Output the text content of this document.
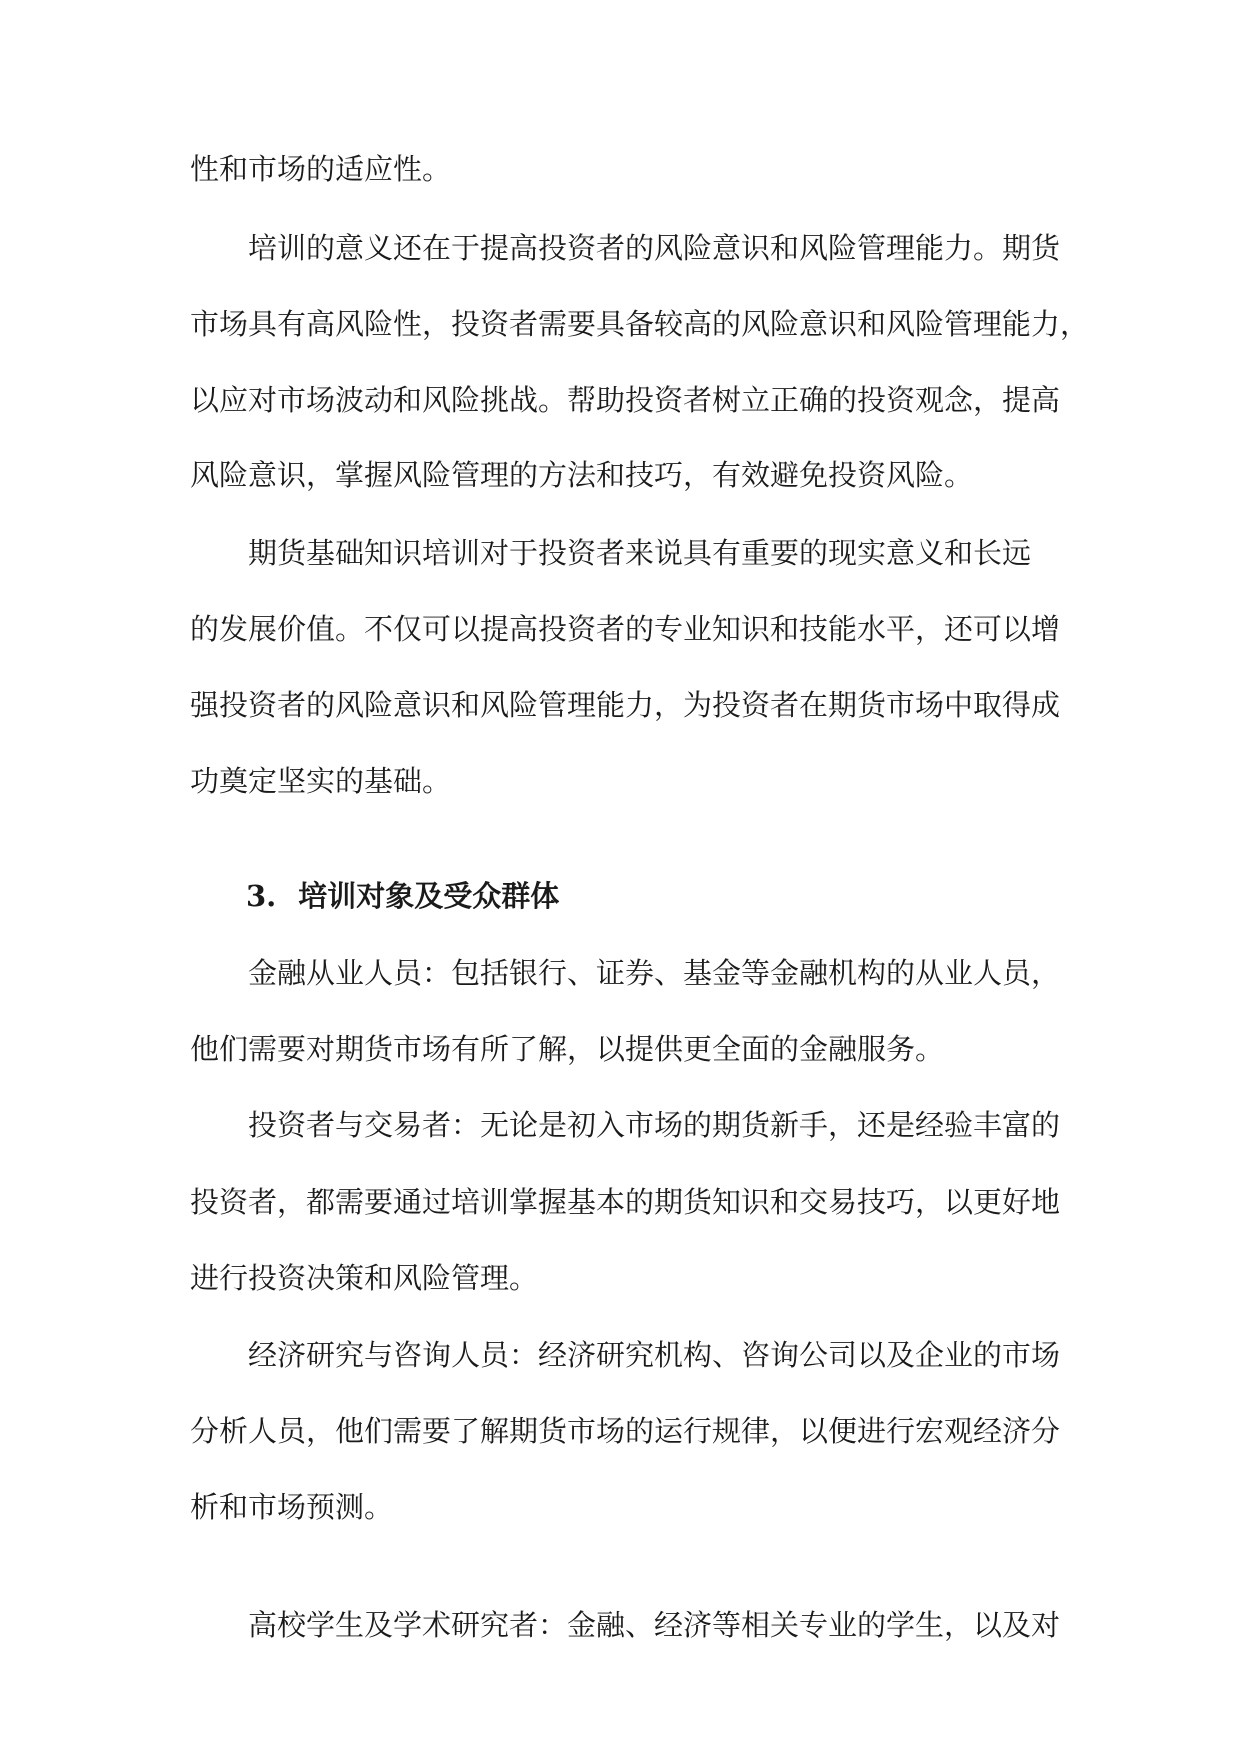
性和市场的适应性。
培训的意义还在于提高投资者的风险意识和风险管理能力。期货
市场具有高风险性，投资者需要具备较高的风险意识和风险管理能力，
以应对市场波动和风险挑战。帮助投资者树立正确的投资观念，提高
风险意识，掌握风险管理的方法和技巧，有效避免投资风险。
期货基础知识培训对于投资者来说具有重要的现实意义和长远
的发展价值。不仅可以提高投资者的专业知识和技能水平，还可以增
强投资者的风险意识和风险管理能力，为投资者在期货市场中取得成
功奠定坚实的基础。
3. 培训对象及受众群体
金融从业人员：包括银行、证券、基金等金融机构的从业人员，
他们需要对期货市场有所了解，以提供更全面的金融服务。
投资者与交易者：无论是初入市场的期货新手，还是经验丰富的
投资者，都需要通过培训掌握基本的期货知识和交易技巧，以更好地
进行投资决策和风险管理。
经济研究与咨询人员：经济研究机构、咨询公司以及企业的市场
分析人员，他们需要了解期货市场的运行规律，以便进行宏观经济分
析和市场预测。
高校学生及学术研究者：金融、经济等相关专业的学生，以及对
